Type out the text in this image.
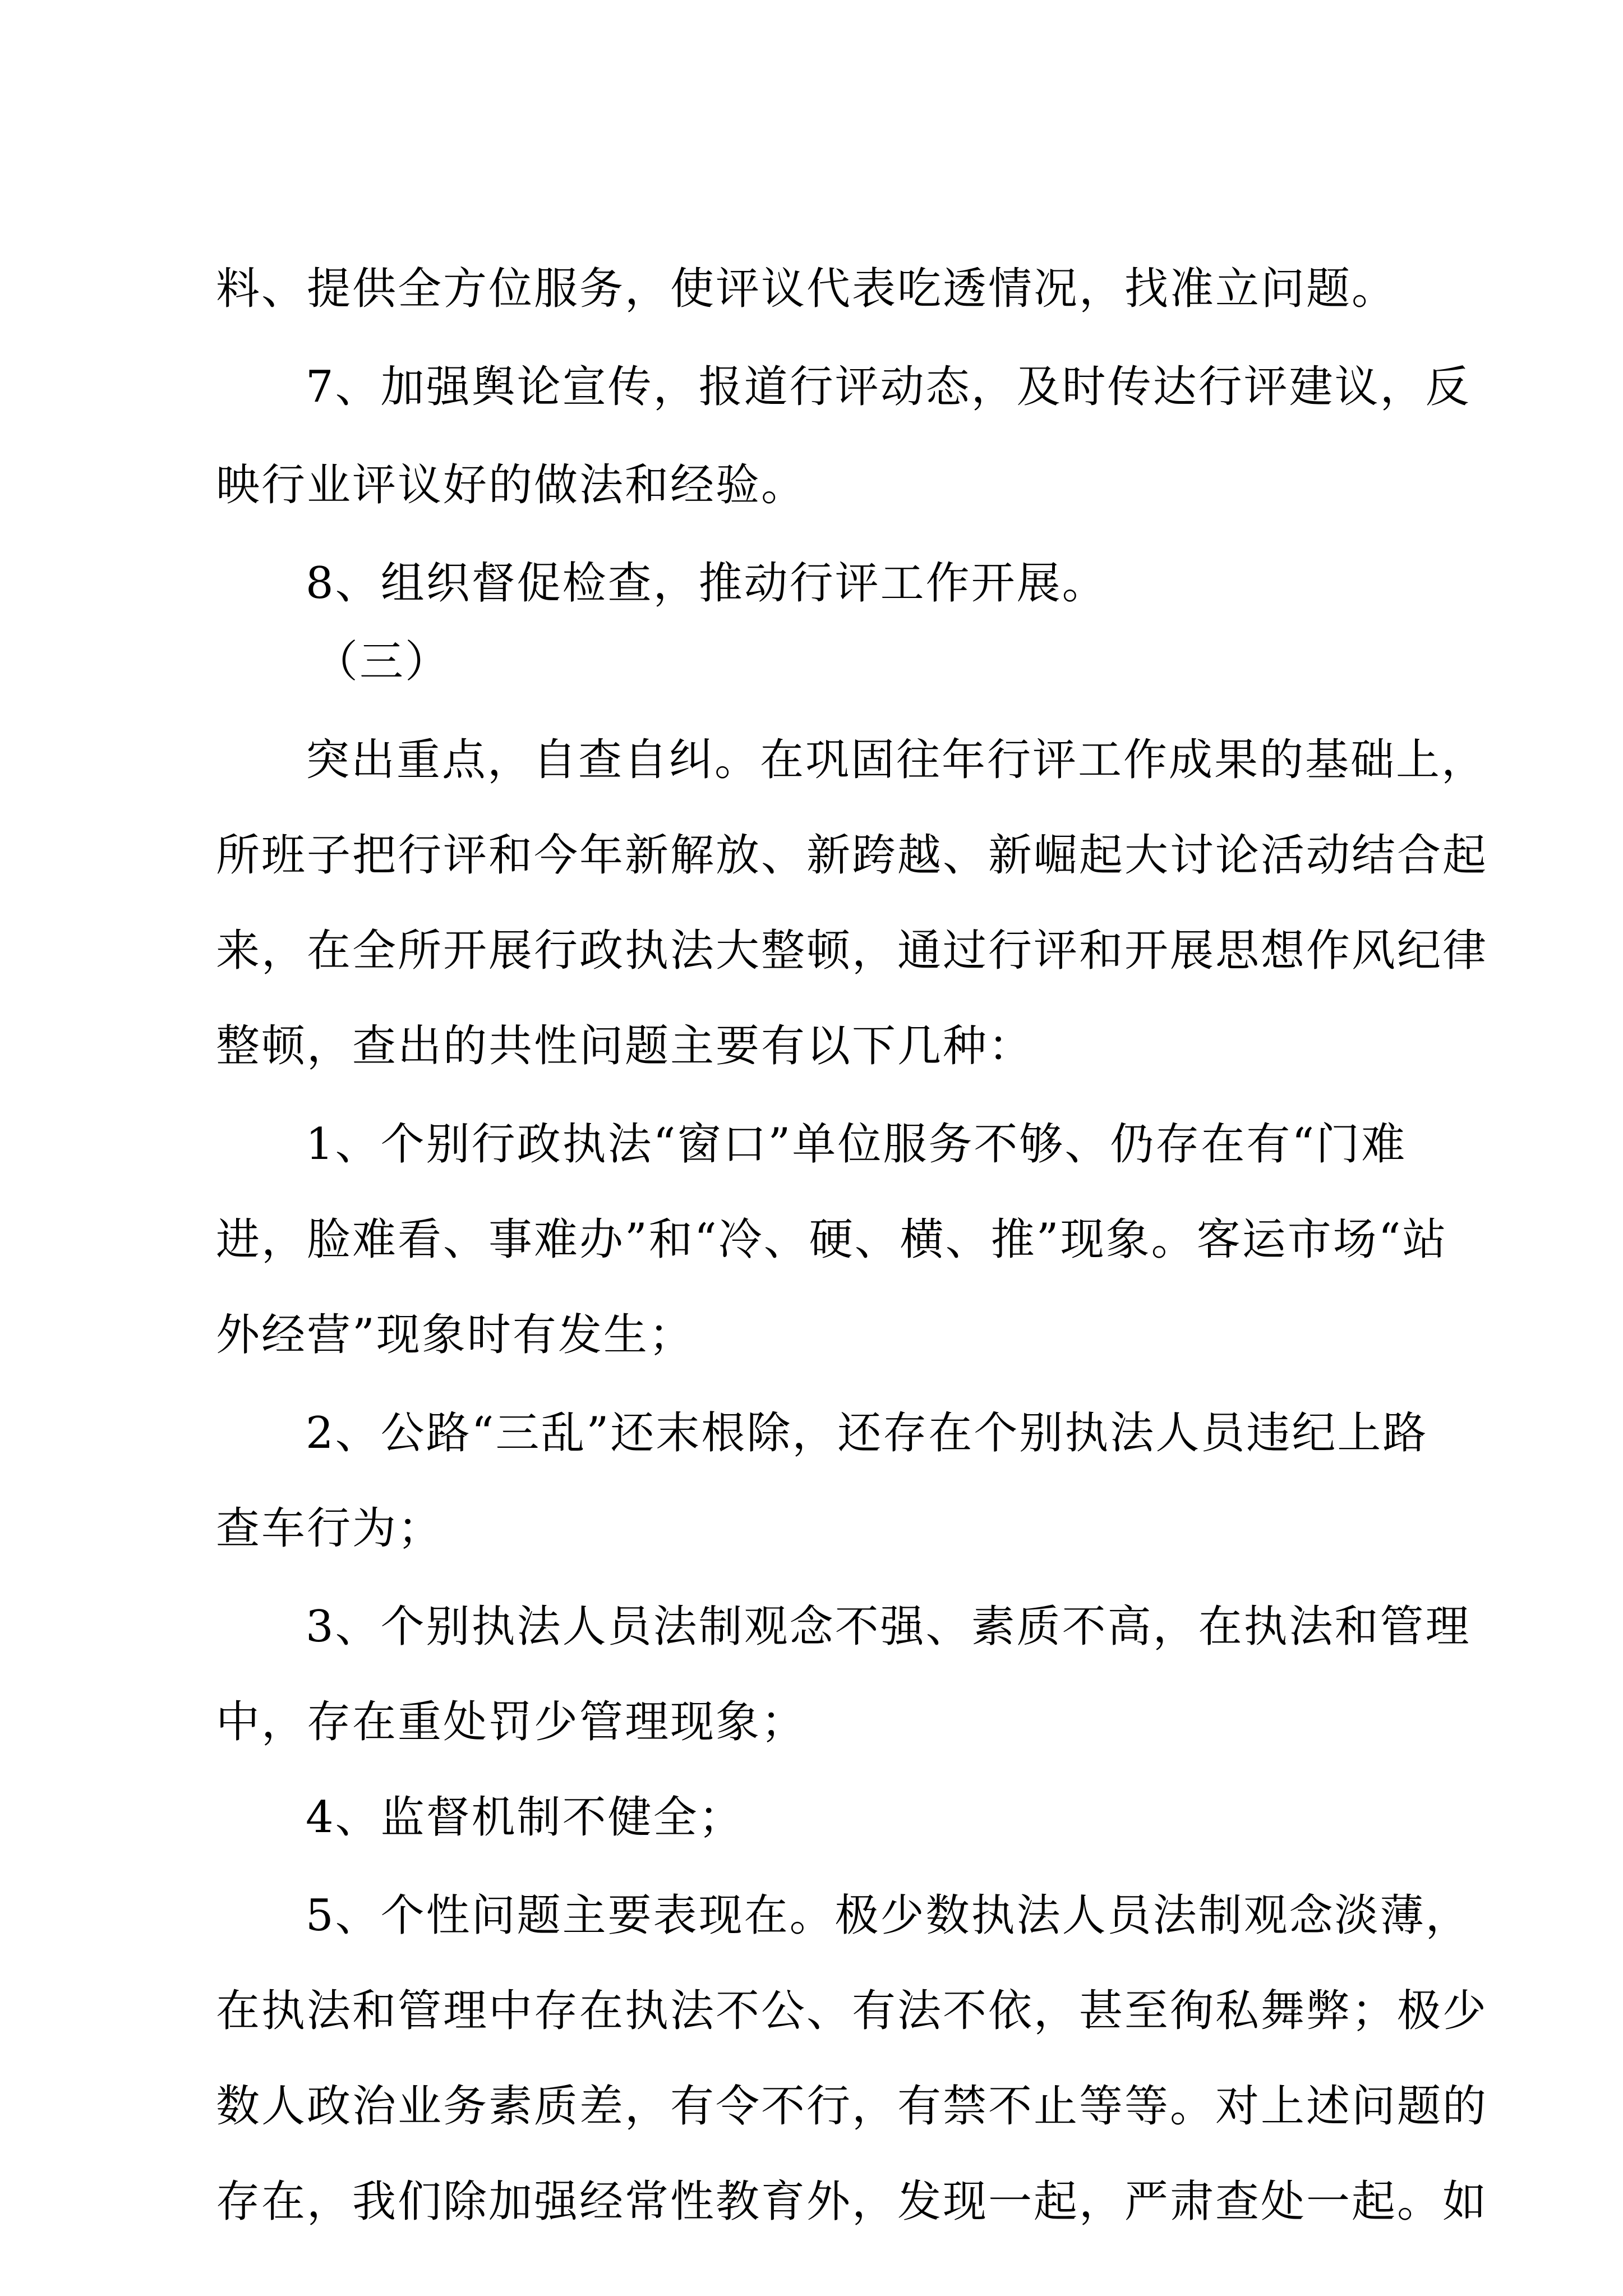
料、提供全方位服务，使评议代表吃透情况，找准立问题。
7、加强舆论宣传，报道行评动态，及时传达行评建议，反
映行业评议好的做法和经验。
8、组织督促检查，推动行评工作开展。
（三）
突出重点，自查自纠。在巩固往年行评工作成果的基础上，
所班子把行评和今年新解放、新跨越、新崛起大讨论活动结合起
来，在全所开展行政执法大整顿，通过行评和开展思想作风纪律
整顿，查出的共性问题主要有以下几种：
1、个别行政执法“窗口”单位服务不够、仍存在有“门难
进，脸难看、事难办”和“冷、硬、横、推”现象。客运市场“站
外经营”现象时有发生；
2、公路“三乱”还末根除，还存在个别执法人员违纪上路
查车行为；
3、个别执法人员法制观念不强、素质不高，在执法和管理
中，存在重处罚少管理现象；
4、监督机制不健全；
5、个性问题主要表现在。极少数执法人员法制观念淡薄，
在执法和管理中存在执法不公、有法不依，甚至徇私舞弊；极少
数人政治业务素质差，有令不行，有禁不止等等。对上述问题的
存在，我们除加强经常性教育外，发现一起，严肃查处一起。如
